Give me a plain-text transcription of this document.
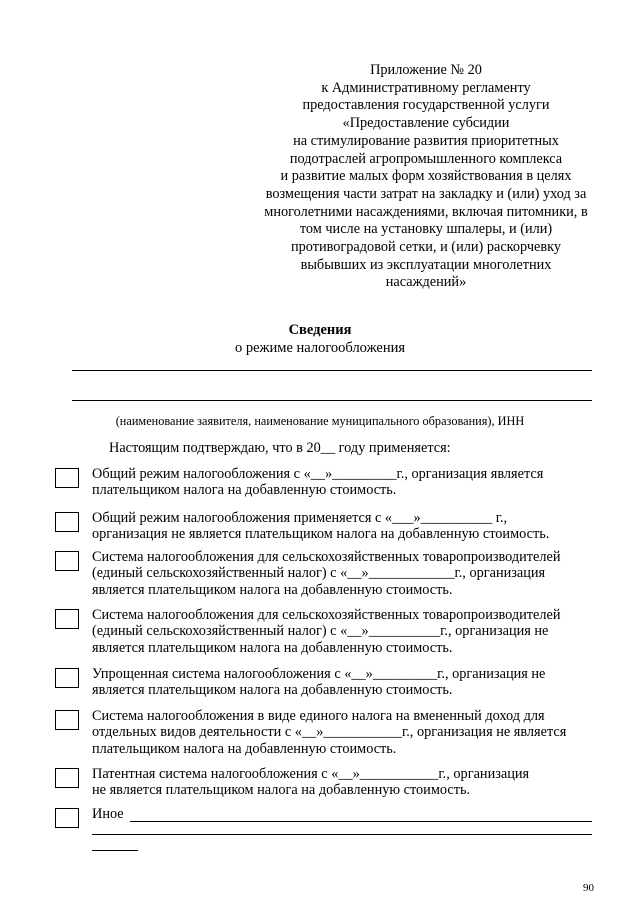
Приложение № 20
к Административному регламенту
предоставления государственной услуги
«Предоставление субсидии
на стимулирование развития приоритетных
подотраслей агропромышленного комплекса
и развитие малых форм хозяйствования в целях
возмещения части затрат на закладку и (или) уход за
многолетними насаждениями, включая питомники, в
том числе на установку шпалеры, и (или)
противоградовой сетки, и (или) раскорчевку
выбывших из эксплуатации многолетних
насаждений»
Сведения
о режиме налогообложения
(наименование заявителя, наименование муниципального образования), ИНН
Настоящим подтверждаю, что в 20__ году применяется:
Общий режим налогообложения с «__»_________г., организация является
плательщиком налога на добавленную стоимость.
Общий режим налогообложения применяется с «___»__________ г.,
организация не является плательщиком налога на добавленную стоимость.
Система налогообложения для сельскохозяйственных товаропроизводителей
(единый сельскохозяйственный налог) с «__»____________г., организация
является плательщиком налога на добавленную стоимость.
Система налогообложения для сельскохозяйственных товаропроизводителей
(единый сельскохозяйственный налог) с «__»__________г., организация не
является плательщиком налога на добавленную стоимость.
Упрощенная система налогообложения с «__»_________г., организация не
является плательщиком налога на добавленную стоимость.
Система налогообложения в виде единого налога на вмененный доход для
отдельных видов деятельности с «__»___________г., организация не является
плательщиком налога на добавленную стоимость.
Патентная система налогообложения с «__»___________г., организация
не является плательщиком налога на добавленную стоимость.
Иное
90
